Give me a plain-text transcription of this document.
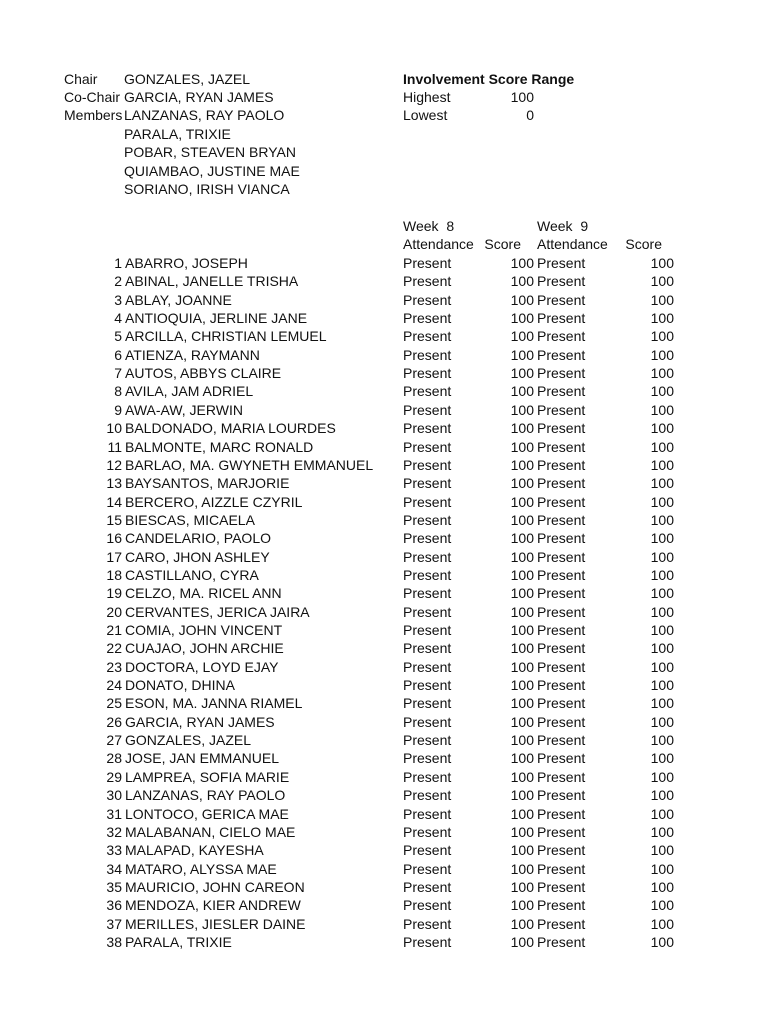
Chair GONZALES, JAZEL
Co-Chair GARCIA, RYAN JAMES
Members LANZANAS, RAY PAOLO
PARALA, TRIXIE
POBAR, STEAVEN BRYAN
QUIAMBAO, JUSTINE MAE
SORIANO, IRISH VIANCA
Involvement Score Range
Highest	100
Lowest	0
Week  8	Week  9
Attendance Score Attendance	Score
1 ABARRO, JOSEPH	Present	100 Present	100
2 ABINAL, JANELLE TRISHA	Present	100 Present	100
3 ABLAY, JOANNE	Present	100 Present	100
4 ANTIOQUIA, JERLINE JANE	Present	100 Present	100
5 ARCILLA, CHRISTIAN LEMUEL	Present	100 Present	100
6 ATIENZA, RAYMANN	Present	100 Present	100
7 AUTOS, ABBYS CLAIRE	Present	100 Present	100
8 AVILA, JAM ADRIEL	Present	100 Present	100
9 AWA-AW, JERWIN	Present	100 Present	100
10 BALDONADO, MARIA LOURDES	Present	100 Present	100
11 BALMONTE, MARC RONALD	Present	100 Present	100
12 BARLAO, MA. GWYNETH EMMANUEL Present	100 Present	100
13 BAYSANTOS, MARJORIE	Present	100 Present	100
14 BERCERO, AIZZLE CZYRIL	Present	100 Present	100
15 BIESCAS, MICAELA	Present	100 Present	100
16 CANDELARIO, PAOLO	Present	100 Present	100
17 CARO, JHON ASHLEY	Present	100 Present	100
18 CASTILLANO, CYRA	Present	100 Present	100
19 CELZO, MA. RICEL ANN	Present	100 Present	100
20 CERVANTES, JERICA JAIRA	Present	100 Present	100
21 COMIA, JOHN VINCENT	Present	100 Present	100
22 CUAJAO, JOHN ARCHIE	Present	100 Present	100
23 DOCTORA, LOYD EJAY	Present	100 Present	100
24 DONATO, DHINA	Present	100 Present	100
25 ESON, MA. JANNA RIAMEL	Present	100 Present	100
26 GARCIA, RYAN JAMES	Present	100 Present	100
27 GONZALES, JAZEL	Present	100 Present	100
28 JOSE, JAN EMMANUEL	Present	100 Present	100
29 LAMPREA, SOFIA MARIE	Present	100 Present	100
30 LANZANAS, RAY PAOLO	Present	100 Present	100
31 LONTOCO, GERICA MAE	Present	100 Present	100
32 MALABANAN, CIELO MAE	Present	100 Present	100
33 MALAPAD, KAYESHA	Present	100 Present	100
34 MATARO, ALYSSA MAE	Present	100 Present	100
35 MAURICIO, JOHN CAREON	Present	100 Present	100
36 MENDOZA, KIER ANDREW	Present	100 Present	100
37 MERILLES, JIESLER DAINE	Present	100 Present	100
38 PARALA, TRIXIE	Present	100 Present	100
